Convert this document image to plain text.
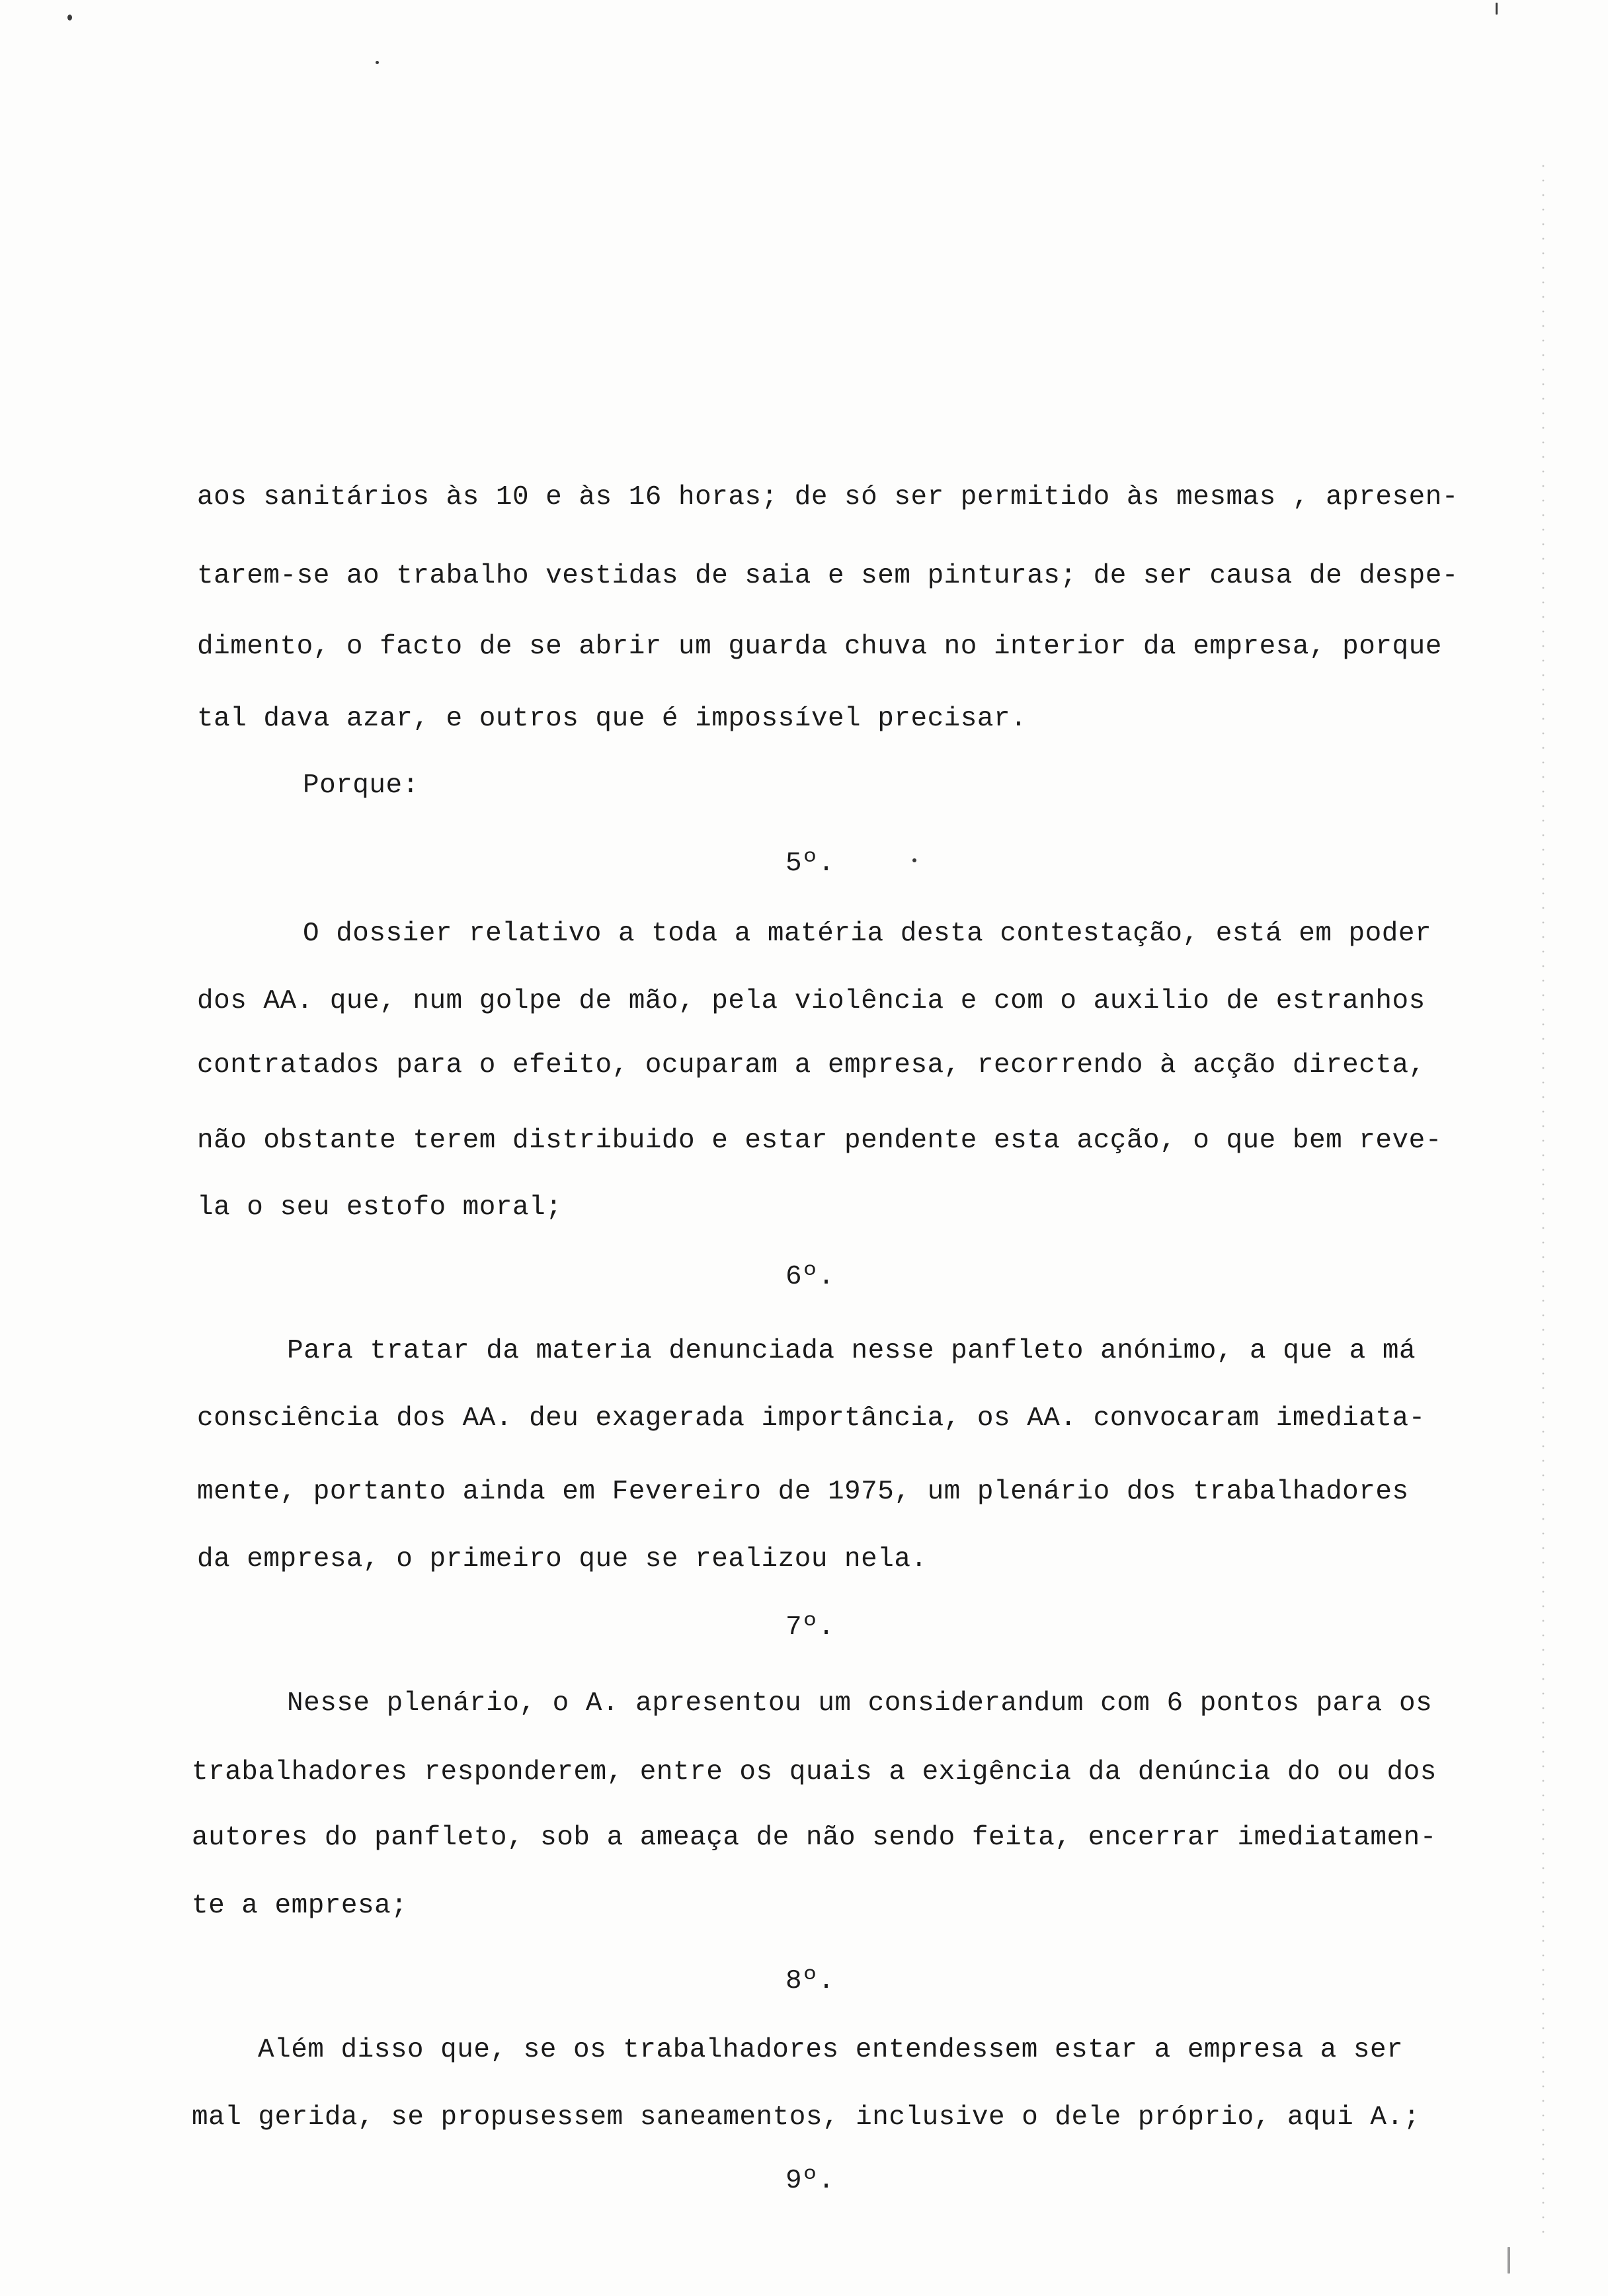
aos sanitários às 10 e às 16 horas; de só ser permitido às mesmas , apresen-
tarem-se ao trabalho vestidas de saia e sem pinturas; de ser causa de despe-
dimento, o facto de se abrir um guarda chuva no interior da empresa, porque
tal dava azar, e outros que é impossível precisar.
Porque:
5º.
O dossier relativo a toda a matéria desta contestação, está em poder
dos AA. que, num golpe de mão, pela violência e com o auxilio de estranhos
contratados para o efeito, ocuparam a empresa, recorrendo à acção directa,
não obstante terem distribuido e estar pendente esta acção, o que bem reve-
la o seu estofo moral;
6º.
Para tratar da materia denunciada nesse panfleto anónimo, a que a má
consciência dos AA. deu exagerada importância, os AA. convocaram imediata-
mente, portanto ainda em Fevereiro de 1975, um plenário dos trabalhadores
da empresa, o primeiro que se realizou nela.
7º.
Nesse plenário, o A. apresentou um considerandum com 6 pontos para os
trabalhadores responderem, entre os quais a exigência da denúncia do ou dos
autores do panfleto, sob a ameaça de não sendo feita, encerrar imediatamen-
te a empresa;
8º.
Além disso que, se os trabalhadores entendessem estar a empresa a ser
mal gerida, se propusessem saneamentos, inclusive o dele próprio, aqui A.;
9º.
